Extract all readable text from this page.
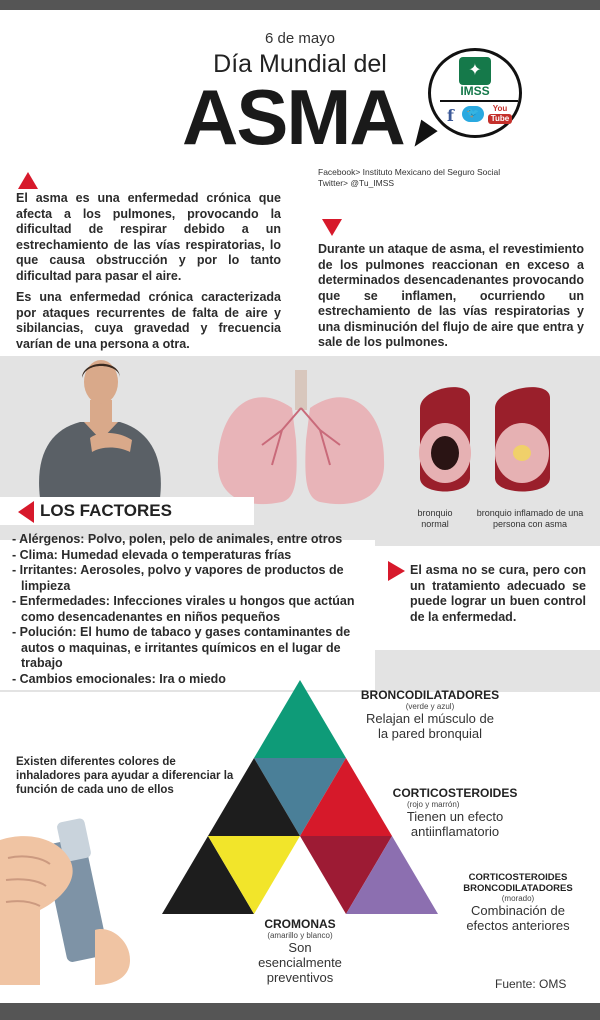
6 de mayo
Día Mundial del
ASMA
✦
IMSS
f	🐦	You
Tube
Facebook> Instituto Mexicano del Seguro Social
Twitter> @Tu_IMSS
El asma es una enfermedad crónica que afecta a los pulmones, provocando la dificultad de respirar debido a un estrechamiento de las vías respiratorias, lo que causa obstrucción y por lo tanto dificultad para pasar el aire.
Es una enfermedad crónica caracterizada por ataques recurrentes de falta de aire y sibilancias, cuya gravedad y frecuencia varían de una persona a otra.
Durante un ataque de asma, el revestimiento de los pulmones reaccionan en exceso a determinados desencadenantes provocando que se inflamen, ocurriendo un estrechamiento de las vías respiratorias y una disminución del flujo de aire que entra y sale de los pulmones.
bronquio normal
bronquio inflamado de una persona con asma
LOS FACTORES
- Alérgenos: Polvo, polen, pelo de animales, entre otros
- Clima: Humedad elevada o temperaturas frías
- Irritantes: Aerosoles, polvo y vapores de productos de limpieza
- Enfermedades: Infecciones virales u hongos que actúan como desencadenantes en niños pequeños
- Polución: El humo de tabaco y gases contaminantes de autos o maquinas, e irritantes químicos en el lugar de trabajo
- Cambios emocionales: Ira o miedo
El asma no se cura, pero con un tratamiento adecuado se puede lograr un buen control de la enfermedad.
Existen diferentes colores de inhaladores para ayudar a diferenciar la función de cada uno de ellos
BRONCODILATADORES
(verde y azul)
Relajan el músculo de la pared bronquial
CORTICOSTEROIDES
(rojo y marrón)
Tienen un efecto antiinflamatorio
CORTICOSTEROIDES BRONCODILATADORES
(morado)
Combinación de efectos anteriores
CROMONAS
(amarillo y blanco)
Son esencialmente preventivos	Fuente: OMS
